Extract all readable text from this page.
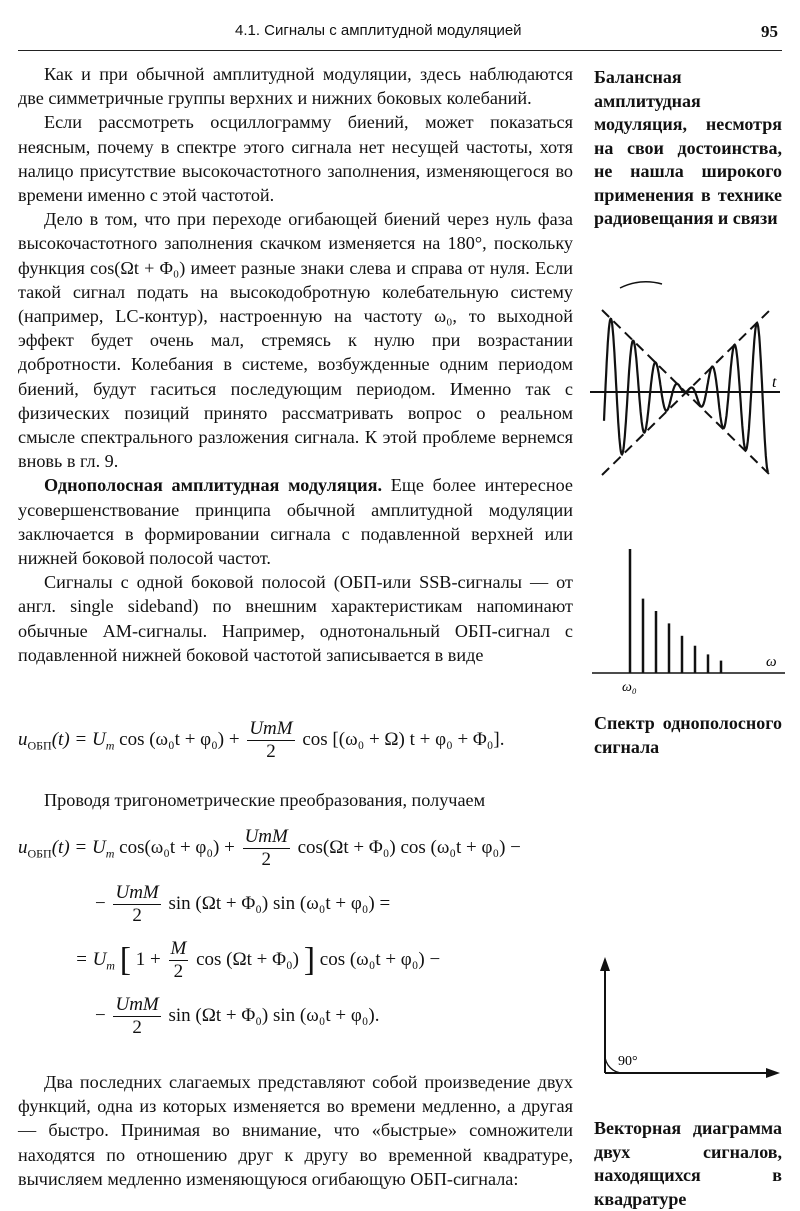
4.1. Сигналы с амплитудной модуляцией	95

Как и при обычной амплитудной модуляции, здесь наблюдаются две симметричные группы верхних и нижних боковых колебаний.

Если рассмотреть осциллограмму биений, может показаться неясным, почему в спектре этого сигнала нет несущей частоты, хотя налицо присутствие высокочастотного заполнения, изменяющегося во времени именно с этой частотой.

Дело в том, что при переходе огибающей биений через нуль фаза высокочастотного заполнения скачком изменяется на 180°, поскольку функция cos(Ωt + Φ₀) имеет разные знаки слева и справа от нуля. Если такой сигнал подать на высокодобротную колебательную систему (например, LC-контур), настроенную на частоту ω₀, то выходной эффект будет очень мал, стремясь к нулю при возрастании добротности. Колебания в системе, возбужденные одним периодом биений, будут гаситься последующим периодом. Именно так с физических позиций принято рассматривать вопрос о реальном смысле спектрального разложения сигнала. К этой проблеме вернемся вновь в гл. 9.

Однополосная амплитудная модуляция. Еще более интересное усовершенствование принципа обычной амплитудной модуляции заключается в формировании сигнала с подавленной верхней или нижней боковой полосой частот.

Сигналы с одной боковой полосой (ОБП-или SSB-сигналы — от англ. single sideband) по внешним характеристикам напоминают обычные АМ-сигналы. Например, однотональный ОБП-сигнал с подавленной нижней боковой частотой записывается в виде

$u_{ОБП}(t) = U_m$ $\cos (\omega_0t + \varphi_0) + \frac{\text{UmM}}{2}$ cos [(ω₀ + Ω) t + φ₀ + Φ₀].

Проводя тригонометрические преобразования, получаем

$u_{ОБП}(t) = U_m$ $\cos(\omega_0t + \varphi_0) + \frac{\text{UmM}}{2} \cos(\Omega t + \Phi_0)$ cos (ω₀t + φ₀) −
− $\frac{\text{UmM}}{2}$ sin (Ωt + Φ₀) sin (ω₀t + φ₀) =
= $U_m$ [ $1 + \frac{M}{2}$ cos (Ωt + Φ₀) ] cos (ω₀t + φ₀) −
− $\frac{\text{UmM}}{2}$ sin (Ωt + Φ₀) sin (ω₀t + φ₀).

Два последних слагаемых представляют собой произведение двух функций, одна из которых изменяется во времени медленно, а другая — быстро. Принимая во внимание, что «быстрые» сомножители находятся по отношению друг к другу во временной квадратуре, вычисляем медленно изменяющуюся огибающую ОБП-сигнала:

Балансная амплитудная модуляция, несмотря на свои достоинства, не нашла широкого применения в технике радиовещания и связи
t
ω
ω₀
Спектр однополосного сигнала
90°
Векторная диаграмма двух сигналов, находящихся в квадратуре
